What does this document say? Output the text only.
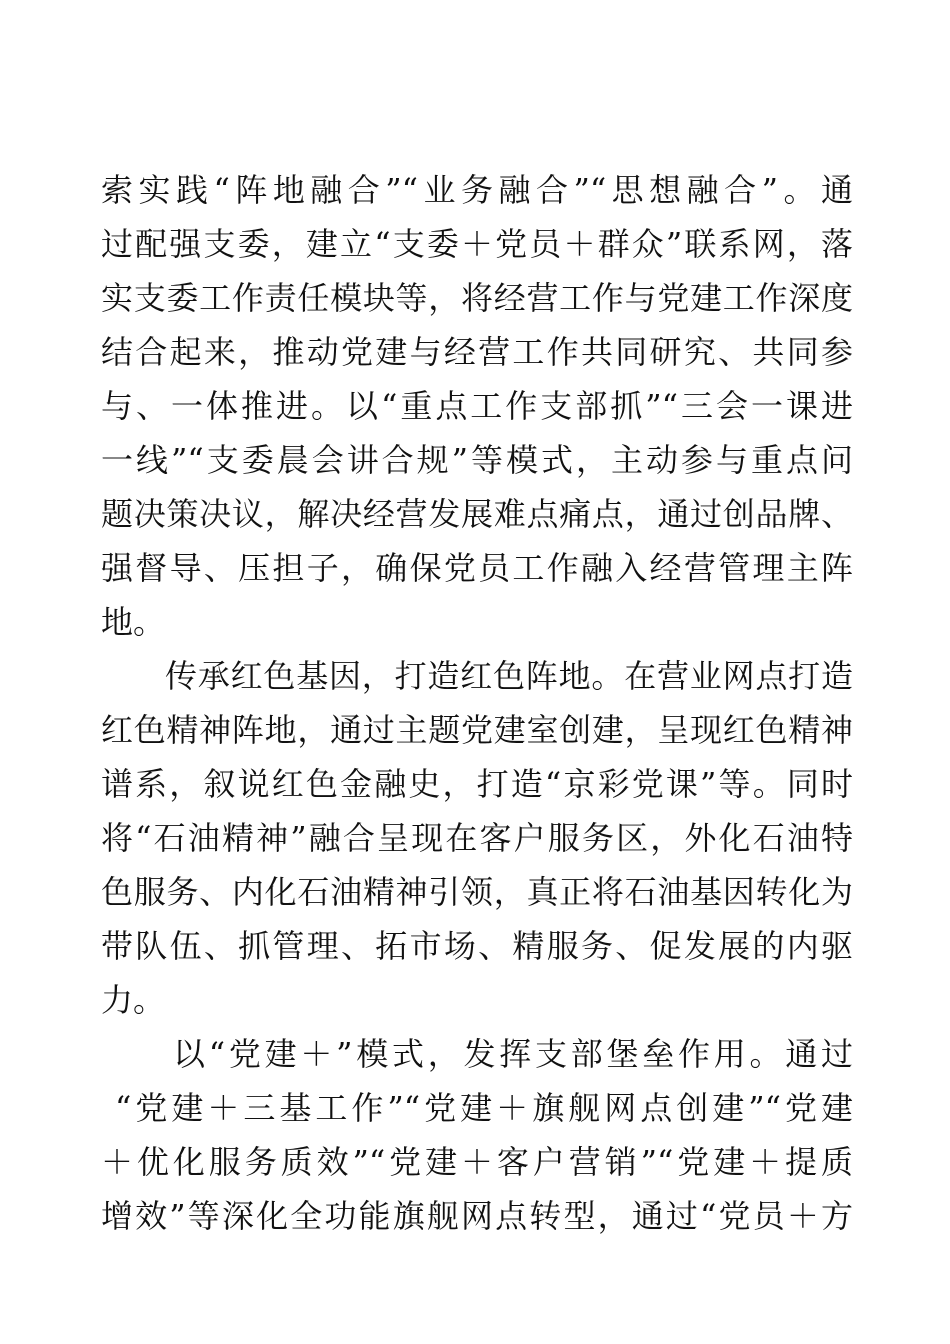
索实践“阵地融合”“业务融合”“思想融合”。通
过配强支委，建立“支委＋党员＋群众”联系网，落
实支委工作责任模块等，将经营工作与党建工作深度
结合起来，推动党建与经营工作共同研究、共同参
与、一体推进。以“重点工作支部抓”“三会一课进
一线”“支委晨会讲合规”等模式，主动参与重点问
题决策决议，解决经营发展难点痛点，通过创品牌、
强督导、压担子，确保党员工作融入经营管理主阵
地。
传承红色基因，打造红色阵地。在营业网点打造
红色精神阵地，通过主题党建室创建，呈现红色精神
谱系，叙说红色金融史，打造“京彩党课”等。同时
将“石油精神”融合呈现在客户服务区，外化石油特
色服务、内化石油精神引领，真正将石油基因转化为
带队伍、抓管理、拓市场、精服务、促发展的内驱
力。
以“党建＋”模式，发挥支部堡垒作用。通过
“党建＋三基工作”“党建＋旗舰网点创建”“党建
＋优化服务质效”“党建＋客户营销”“党建＋提质
增效”等深化全功能旗舰网点转型，通过“党员＋方
